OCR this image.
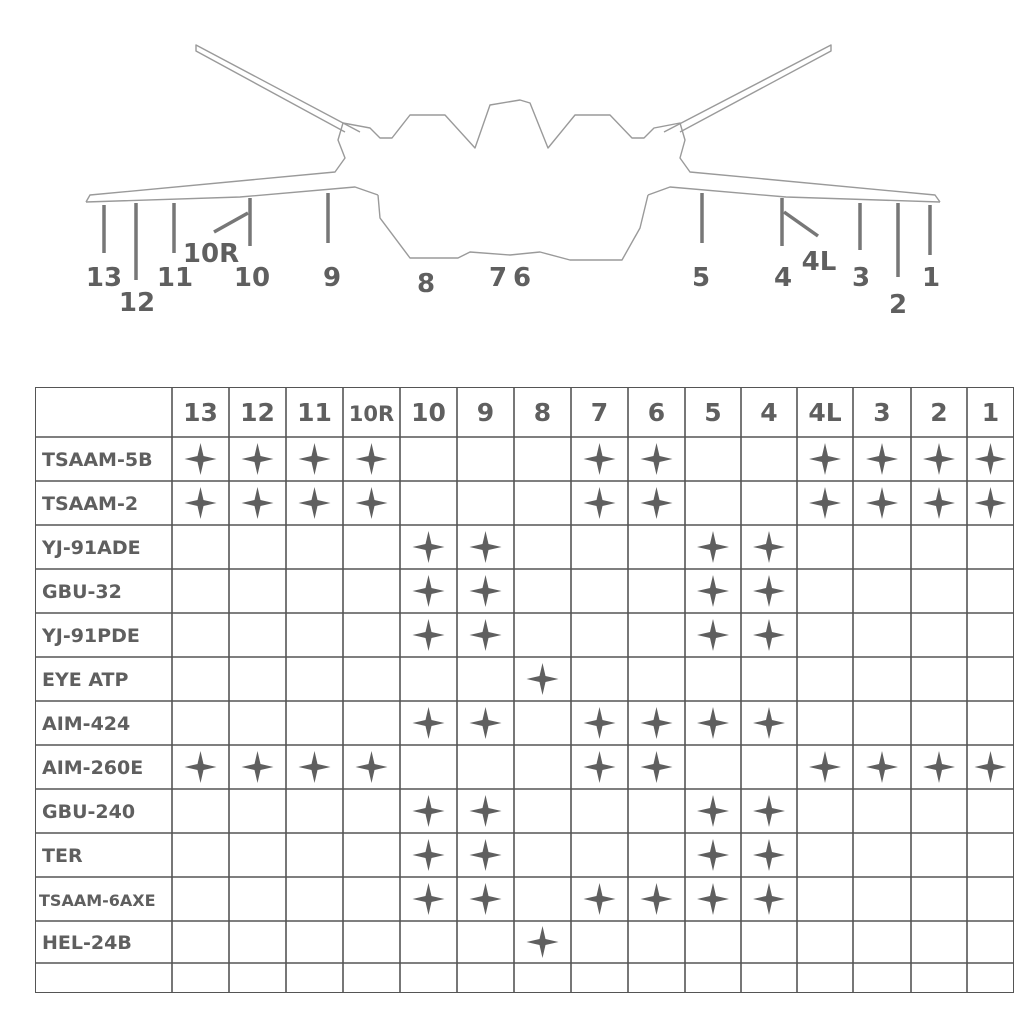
13
12
11
10R
10 9	8 7 6	5 4
4L
3
2
1
13 12 11 10R 10 9 8 7 6 5 4 4L 3 2 1
TSAAM-5B
TSAAM-2
YJ-91ADE
GBU-32
YJ-91PDE
EYE ATP
AIM-424
AIM-260E
GBU-240
TER
TSAAM-6AXE
HEL-24B
